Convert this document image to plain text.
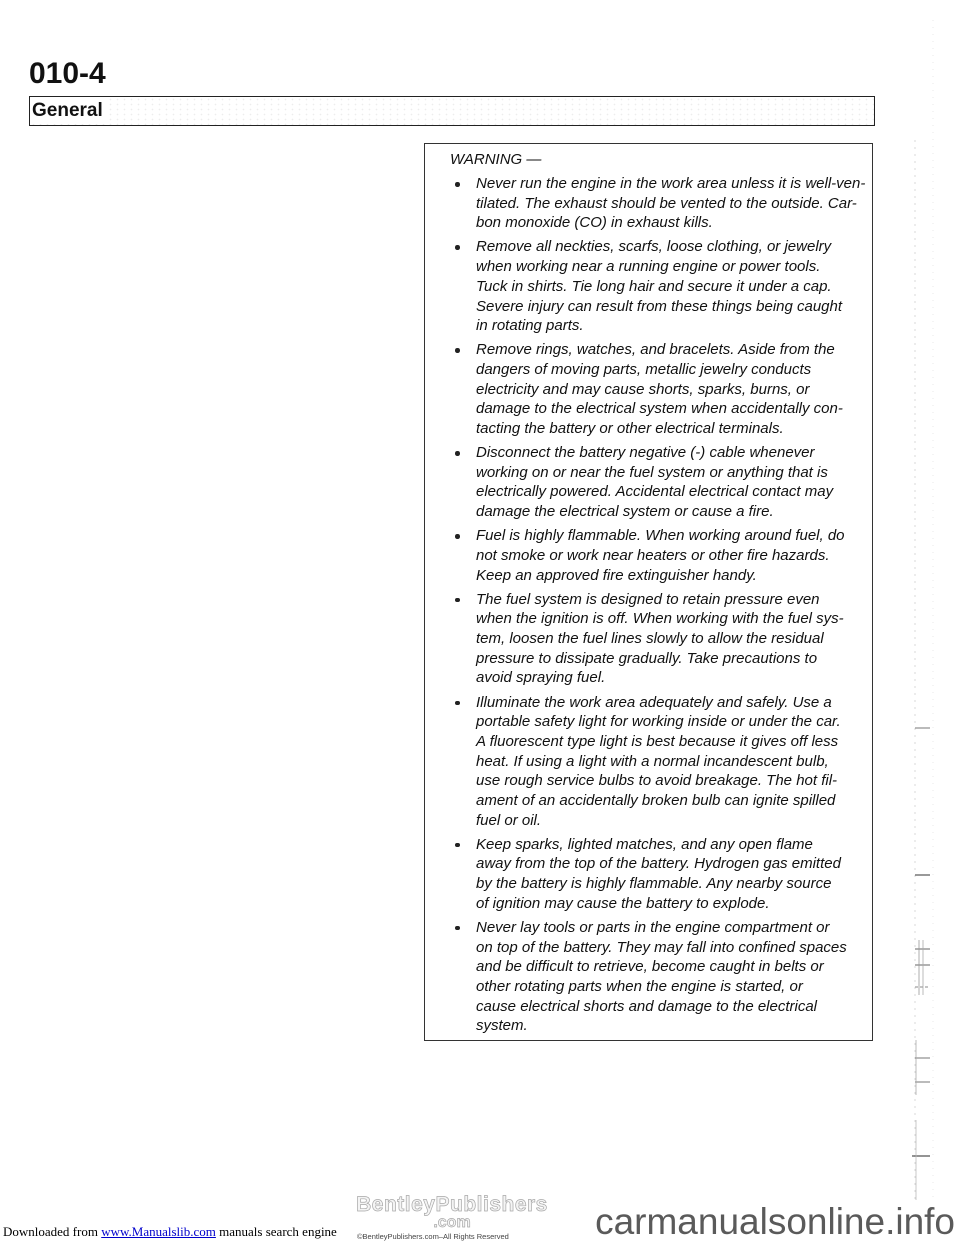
010-4
General
WARNING —
Never run the engine in the work area unless it is well-ven-
tilated. The exhaust should be vented to the outside. Car-
bon monoxide (CO) in exhaust kills.
Remove all neckties, scarfs, loose clothing, or jewelry
when working near a running engine or power tools.
Tuck in shirts. Tie long hair and secure it under a cap.
Severe injury can result from these things being caught
in rotating parts.
Remove rings, watches, and bracelets. Aside from the
dangers of moving parts, metallic jewelry conducts
electricity and may cause shorts, sparks, burns, or
damage to the electrical system when accidentally con-
tacting the battery or other electrical terminals.
Disconnect the battery negative (-) cable whenever
working on or near the fuel system or anything that is
electrically powered. Accidental electrical contact may
damage the electrical system or cause a fire.
Fuel is highly flammable. When working around fuel, do
not smoke or work near heaters or other fire hazards.
Keep an approved fire extinguisher handy.
The fuel system is designed to retain pressure even
when the ignition is off. When working with the fuel sys-
tem, loosen the fuel lines slowly to allow the residual
pressure to dissipate gradually. Take precautions to
avoid spraying fuel.
Illuminate the work area adequately and safely. Use a
portable safety light for working inside or under the car.
A fluorescent type light is best because it gives off less
heat. If using a light with a normal incandescent bulb,
use rough service bulbs to avoid breakage. The hot fil-
ament of an accidentally broken bulb can ignite spilled
fuel or oil.
Keep sparks, lighted matches, and any open flame
away from the top of the battery. Hydrogen gas emitted
by the battery is highly flammable. Any nearby source
of ignition may cause the battery to explode.
Never lay tools or parts in the engine compartment or
on top of the battery. They may fall into confined spaces
and be difficult to retrieve, become caught in belts or
other rotating parts when the engine is started, or
cause electrical shorts and damage to the electrical
system.
Downloaded from www.Manualslib.com manuals search engine
BentleyPublishers
.com
©BentleyPublishers.com–All Rights Reserved carmanualsonline.info
